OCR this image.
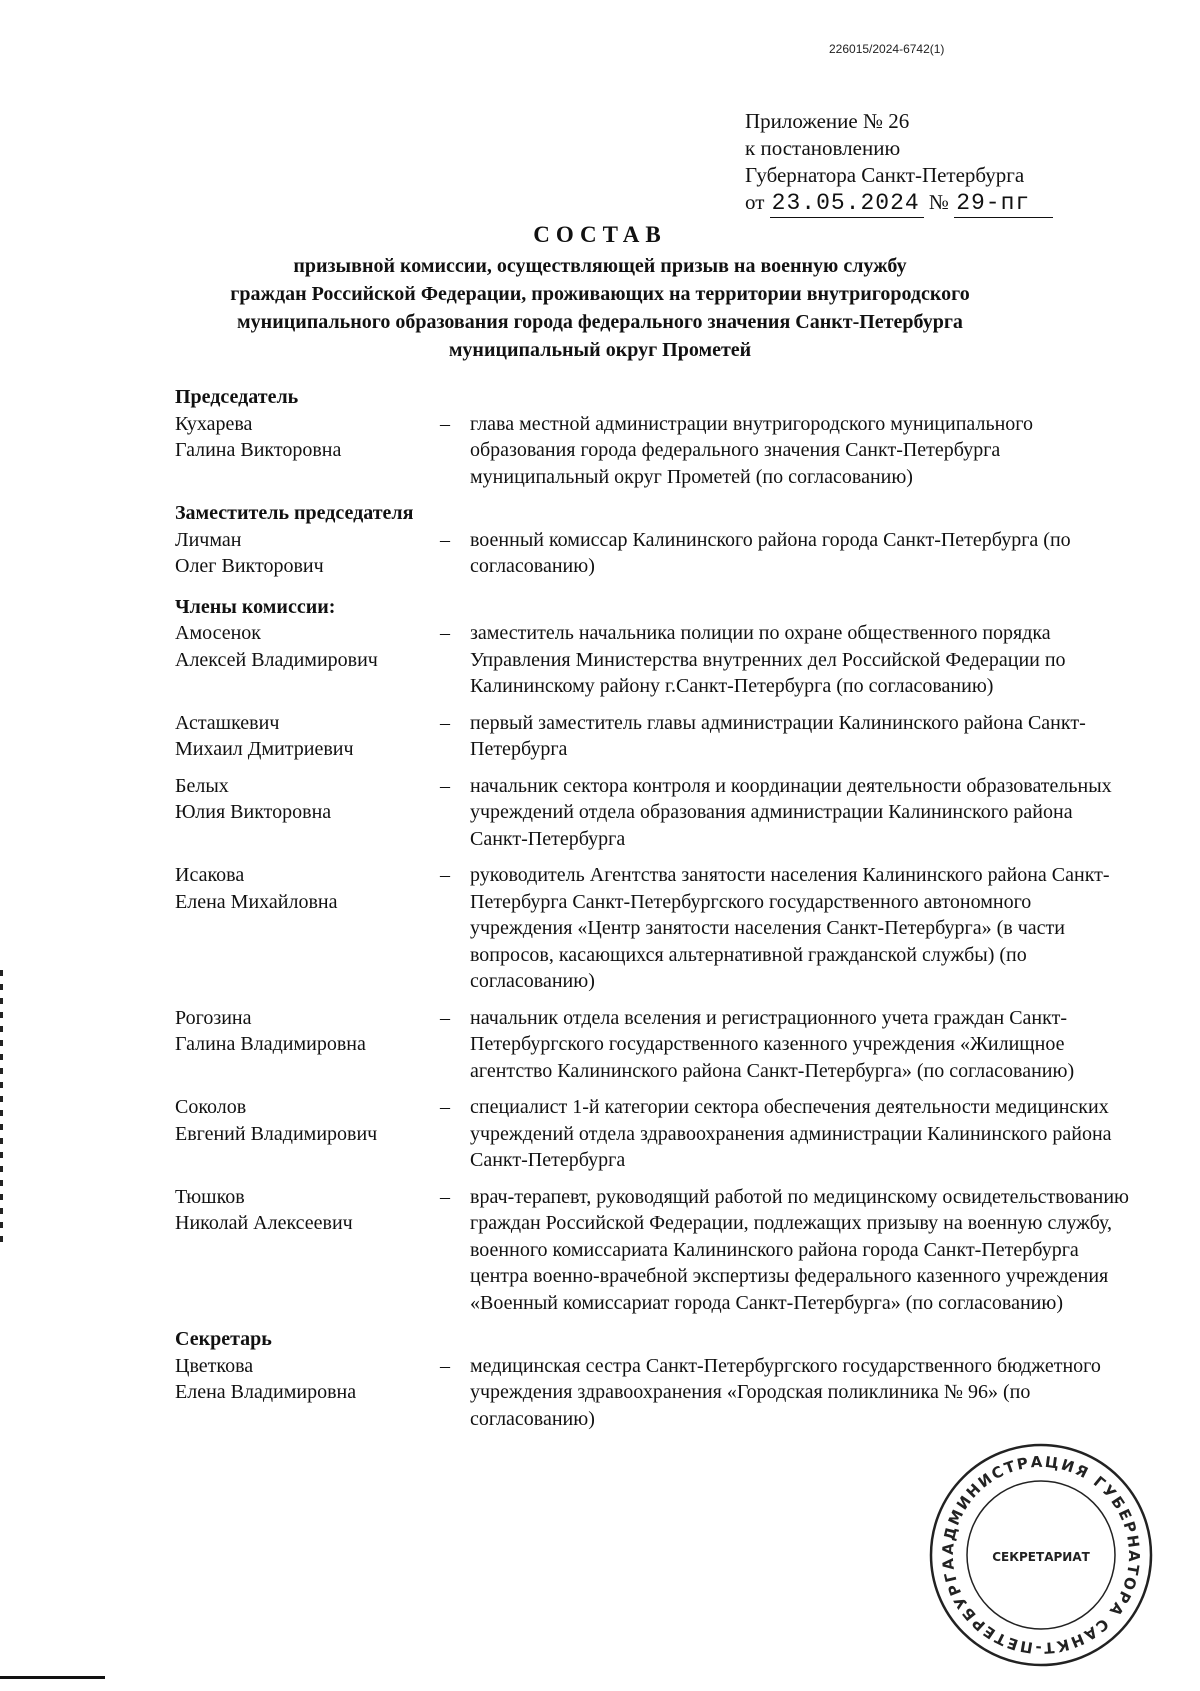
226015/2024-6742(1)
Приложение № 26
к постановлению
Губернатора Санкт-Петербурга
от 23.05.2024 № 29-пг
СОСТАВ
призывной комиссии, осуществляющей призыв на военную службу
граждан Российской Федерации, проживающих на территории внутригородского
муниципального образования города федерального значения Санкт-Петербурга
муниципальный округ Прометей
Председатель
Кухарева
Галина Викторовна
–	глава местной администрации внутригородского муниципального образования города федерального значения Санкт-Петербурга муниципальный округ Прометей (по согласованию)
Заместитель председателя
Личман
Олег Викторович
–	военный комиссар Калининского района города Санкт-Петербурга (по согласованию)
Члены комиссии:
Амосенок
Алексей Владимирович
–	заместитель начальника полиции по охране общественного порядка Управления Министерства внутренних дел Российской Федерации по Калининскому району г.Санкт-Петербурга (по согласованию)
Асташкевич
Михаил Дмитриевич
–	первый заместитель главы администрации Калининского района Санкт-Петербурга
Белых
Юлия Викторовна
–	начальник сектора контроля и координации деятельности образовательных учреждений отдела образования администрации Калининского района Санкт-Петербурга
Исакова
Елена Михайловна
–	руководитель Агентства занятости населения Калининского района Санкт-Петербурга Санкт-Петербургского государственного автономного учреждения «Центр занятости населения Санкт-Петербурга» (в части вопросов, касающихся альтернативной гражданской службы) (по согласованию)
Рогозина
Галина Владимировна
–	начальник отдела вселения и регистрационного учета граждан Санкт-Петербургского государственного казенного учреждения «Жилищное агентство Калининского района Санкт-Петербурга» (по согласованию)
Соколов
Евгений Владимирович
–	специалист 1-й категории сектора обеспечения деятельности медицинских учреждений отдела здравоохранения администрации Калининского района Санкт-Петербурга
Тюшков
Николай Алексеевич
–	врач-терапевт, руководящий работой по медицинскому освидетельствованию граждан Российской Федерации, подлежащих призыву на военную службу, военного комиссариата Калининского района города Санкт-Петербурга центра военно-врачебной экспертизы федерального казенного учреждения «Военный комиссариат города Санкт-Петербурга» (по согласованию)
Секретарь
Цветкова
Елена Владимировна
–	медицинская сестра Санкт-Петербургского государственного бюджетного учреждения здравоохранения «Городская поликлиника № 96» (по согласованию)
АДМИНИСТРАЦИЯ ГУБЕРНАТОРА САНКТ-ПЕТЕРБУРГА	СЕКРЕТАРИАТ
